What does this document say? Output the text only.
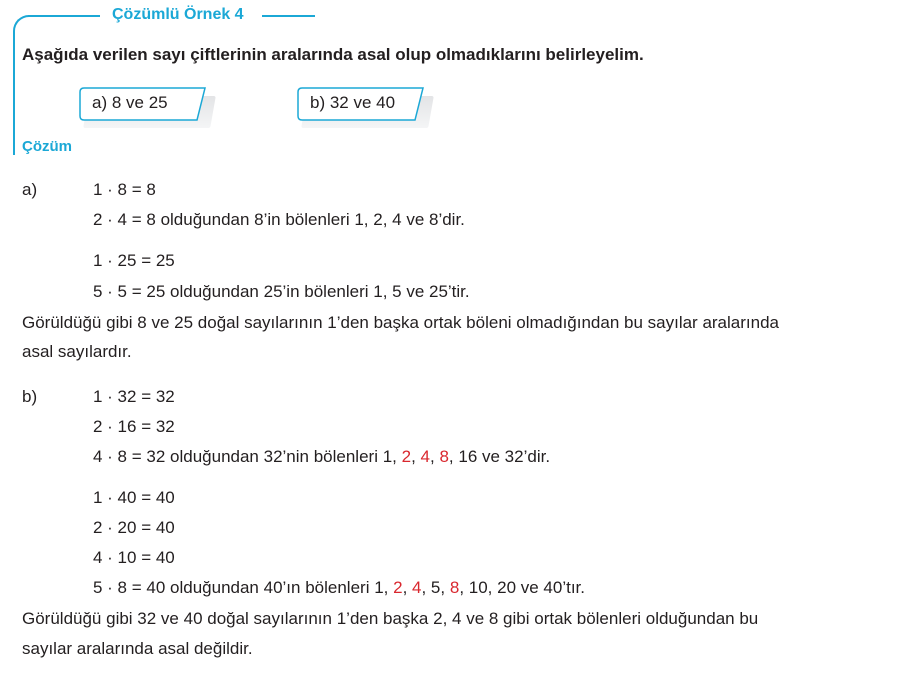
Çözümlü Örnek 4
Aşağıda verilen sayı çiftlerinin aralarında asal olup olmadıklarını belirleyelim.
a) 8 ve 25	b) 32 ve 40
Çözüm
a)	1 · 8 = 8
2 · 4 = 8 olduğundan 8’in bölenleri 1, 2, 4 ve 8’dir.
1 · 25 = 25
5 · 5 = 25 olduğundan 25’in bölenleri 1, 5 ve 25’tir.
Görüldüğü gibi 8 ve 25 doğal sayılarının 1’den başka ortak böleni olmadığından bu sayılar aralarında
asal sayılardır.
b)	1 · 32 = 32
2 · 16 = 32
4 · 8 = 32 olduğundan 32’nin bölenleri 1, 2, 4, 8, 16 ve 32’dir.
1 · 40 = 40
2 · 20 = 40
4 · 10 = 40
5 · 8 = 40 olduğundan 40’ın bölenleri 1, 2, 4, 5, 8, 10, 20 ve 40’tır.
Görüldüğü gibi 32 ve 40 doğal sayılarının 1’den başka 2, 4 ve 8 gibi ortak bölenleri olduğundan bu
sayılar aralarında asal değildir.
